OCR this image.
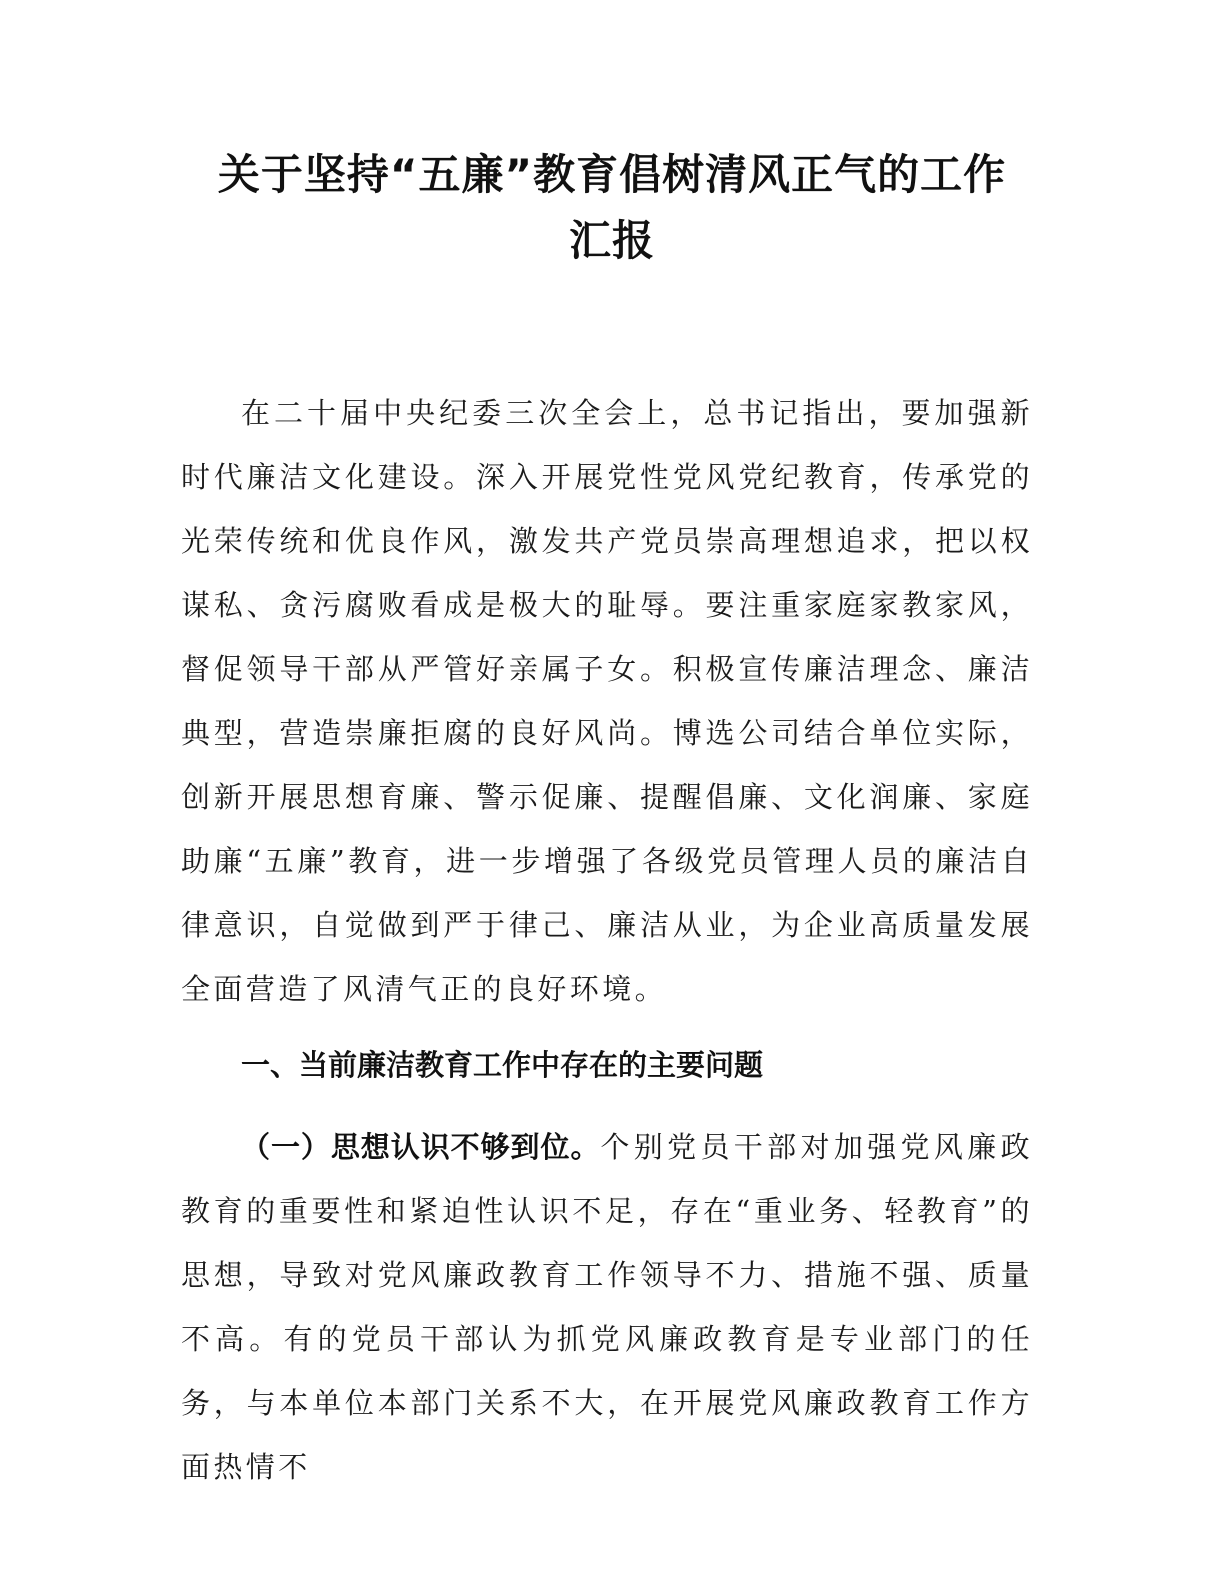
关于坚持“五廉”教育倡树清风正气的工作
汇报

在二十届中央纪委三次全会上，总书记指出，要加强新时代廉洁文化建设。深入开展党性党风党纪教育，传承党的光荣传统和优良作风，激发共产党员崇高理想追求，把以权谋私、贪污腐败看成是极大的耻辱。要注重家庭家教家风，督促领导干部从严管好亲属子女。积极宣传廉洁理念、廉洁典型，营造崇廉拒腐的良好风尚。博选公司结合单位实际，创新开展思想育廉、警示促廉、提醒倡廉、文化润廉、家庭助廉“五廉”教育，进一步增强了各级党员管理人员的廉洁自律意识，自觉做到严于律己、廉洁从业，为企业高质量发展全面营造了风清气正的良好环境。

一、当前廉洁教育工作中存在的主要问题

（一）思想认识不够到位。个别党员干部对加强党风廉政教育的重要性和紧迫性认识不足，存在“重业务、轻教育”的思想，导致对党风廉政教育工作领导不力、措施不强、质量不高。有的党员干部认为抓党风廉政教育是专业部门的任务，与本单位本部门关系不大，在开展党风廉政教育工作方面热情不
